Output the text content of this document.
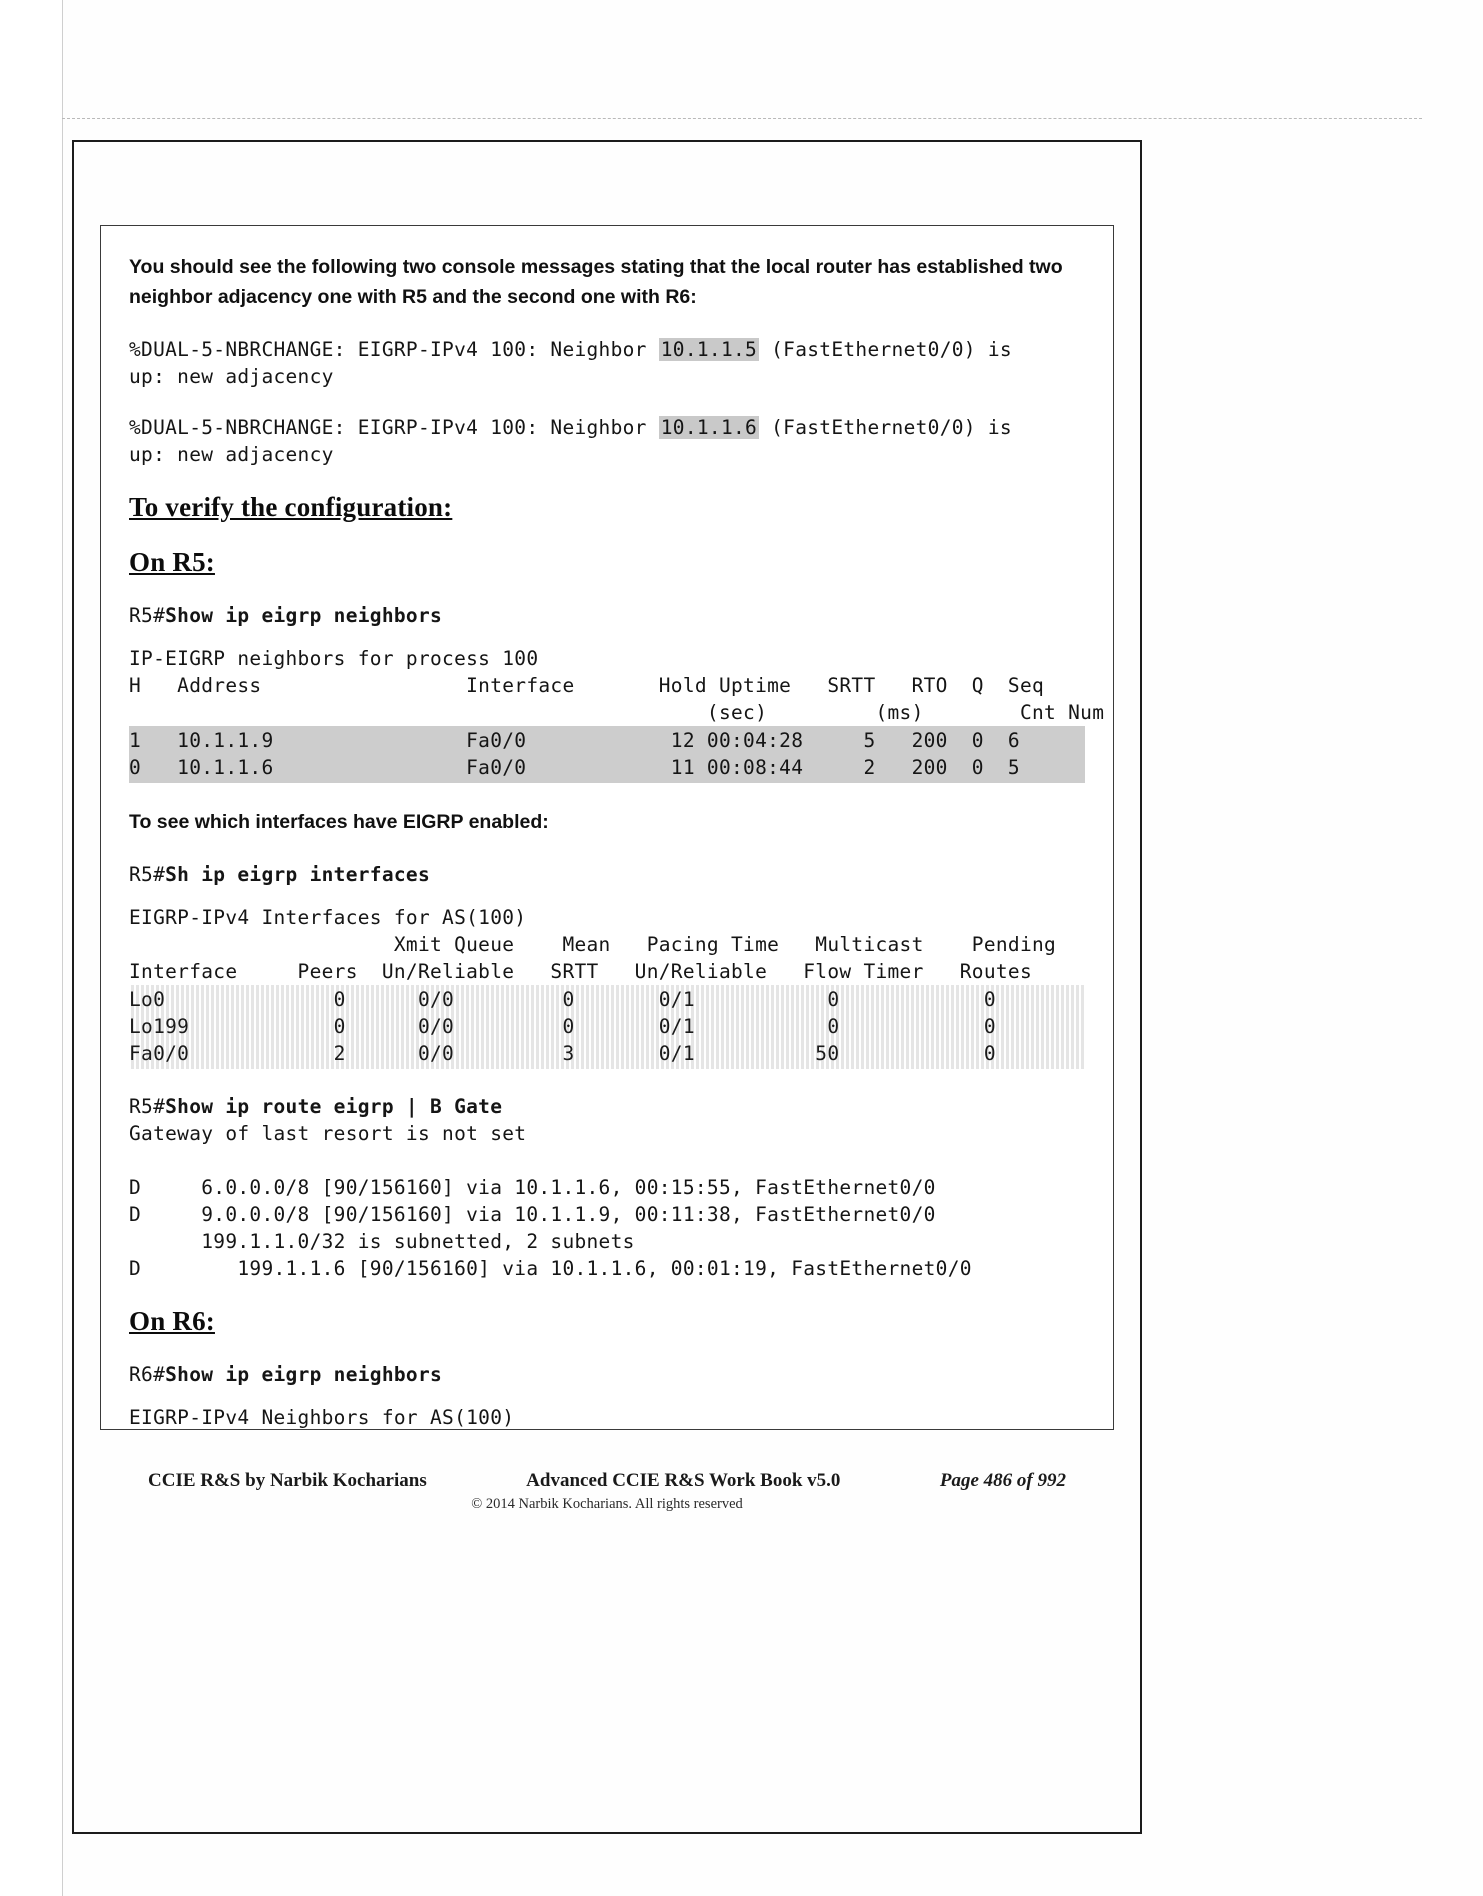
You should see the following two console messages stating that the local router has established two neighbor adjacency one with R5 and the second one with R6:
%DUAL-5-NBRCHANGE: EIGRP-IPv4 100: Neighbor 10.1.1.5 (FastEthernet0/0) is
up: new adjacency
%DUAL-5-NBRCHANGE: EIGRP-IPv4 100: Neighbor 10.1.1.6 (FastEthernet0/0) is
up: new adjacency
To verify the configuration:
On R5:
R5#Show ip eigrp neighbors
IP-EIGRP neighbors for process 100
H   Address                 Interface       Hold Uptime   SRTT   RTO  Q  Seq
(sec)         (ms)        Cnt Num
1   10.1.1.9                Fa0/0            12 00:04:28     5   200  0  6
0   10.1.1.6                Fa0/0            11 00:08:44     2   200  0  5
To see which interfaces have EIGRP enabled:
R5#Sh ip eigrp interfaces
EIGRP-IPv4 Interfaces for AS(100)
Xmit Queue    Mean   Pacing Time   Multicast    Pending
Interface     Peers  Un/Reliable   SRTT   Un/Reliable   Flow Timer   Routes
Lo0              0      0/0         0       0/1           0            0
Lo199            0      0/0         0       0/1           0            0
Fa0/0            2      0/0         3       0/1          50            0
R5#Show ip route eigrp | B Gate
Gateway of last resort is not set

D     6.0.0.0/8 [90/156160] via 10.1.1.6, 00:15:55, FastEthernet0/0
D     9.0.0.0/8 [90/156160] via 10.1.1.9, 00:11:38, FastEthernet0/0
199.1.1.0/32 is subnetted, 2 subnets
D        199.1.1.6 [90/156160] via 10.1.1.6, 00:01:19, FastEthernet0/0
On R6:
R6#Show ip eigrp neighbors
EIGRP-IPv4 Neighbors for AS(100)
CCIE R&S by Narbik Kocharians	Advanced CCIE R&S Work Book v5.0	Page 486 of 992
© 2014 Narbik Kocharians. All rights reserved
